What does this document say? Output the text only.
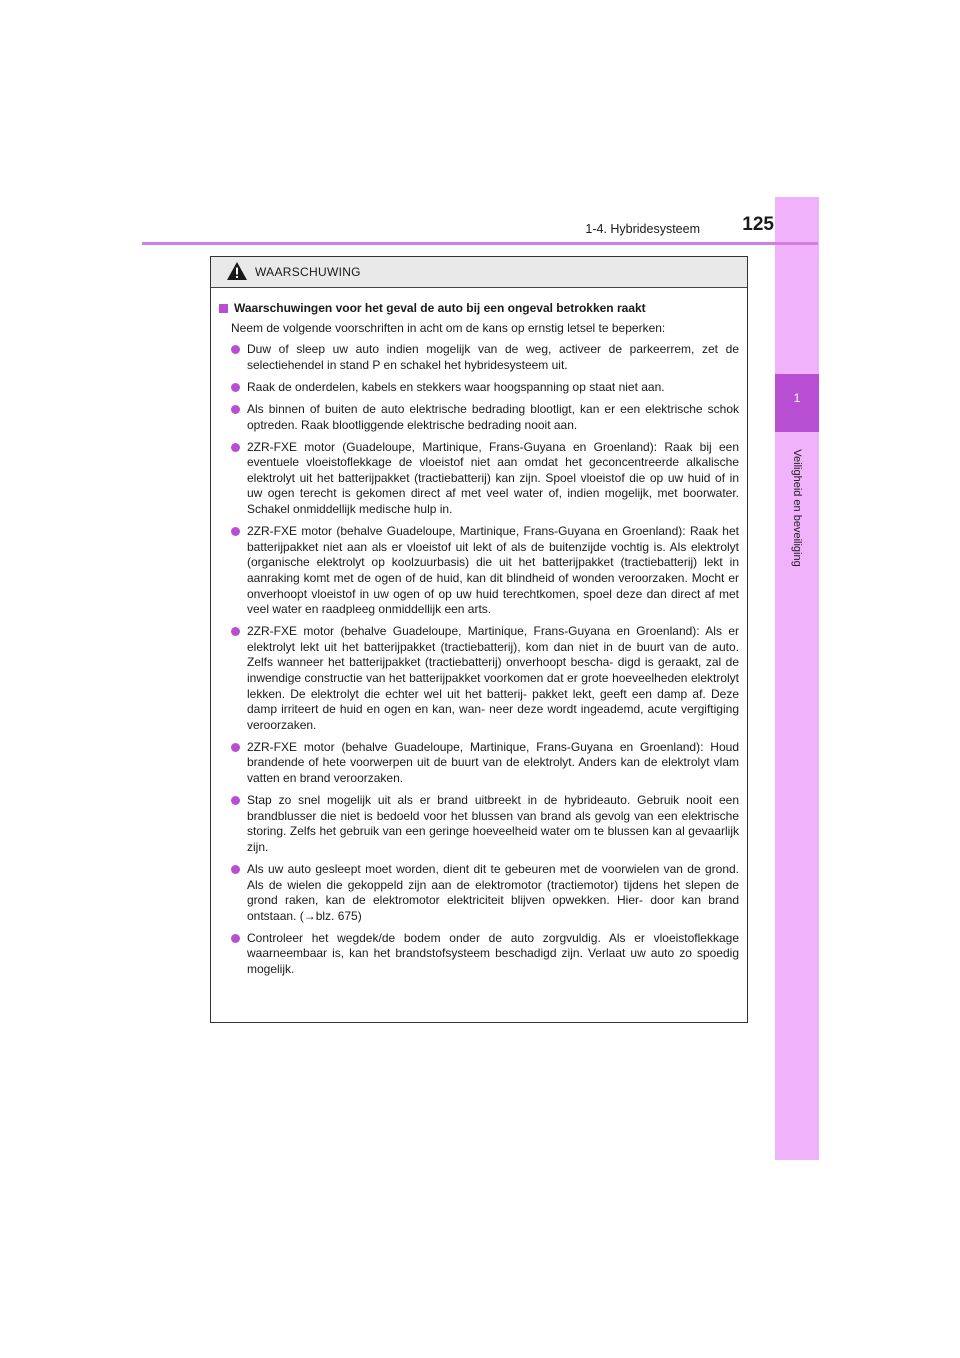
1
Veiligheid en beveiliging
1-4. Hybridesysteem	125
WAARSCHUWING
Waarschuwingen voor het geval de auto bij een ongeval betrokken raakt
Neem de volgende voorschriften in acht om de kans op ernstig letsel te beperken:
Duw of sleep uw auto indien mogelijk van de weg, activeer de parkeerrem, zet de selectiehendel in stand P en schakel het hybridesysteem uit.
Raak de onderdelen, kabels en stekkers waar hoogspanning op staat niet aan.
Als binnen of buiten de auto elektrische bedrading blootligt, kan er een elektrische schok optreden. Raak blootliggende elektrische bedrading nooit aan.
2ZR-FXE motor (Guadeloupe, Martinique, Frans-Guyana en Groenland): Raak bij een eventuele vloeistoflekkage de vloeistof niet aan omdat het geconcentreerde alkalische elektrolyt uit het batterijpakket (tractiebatterij) kan zijn. Spoel vloeistof die op uw huid of in uw ogen terecht is gekomen direct af met veel water of, indien mogelijk, met boorwater. Schakel onmiddellijk medische hulp in.
2ZR-FXE motor (behalve Guadeloupe, Martinique, Frans-Guyana en Groenland): Raak het batterijpakket niet aan als er vloeistof uit lekt of als de buitenzijde vochtig is. Als elektrolyt (organische elektrolyt op koolzuurbasis) die uit het batterijpakket (tractiebatterij) lekt in aanraking komt met de ogen of de huid, kan dit blindheid of wonden veroorzaken. Mocht er onverhoopt vloeistof in uw ogen of op uw huid terechtkomen, spoel deze dan direct af met veel water en raadpleeg onmiddellijk een arts.
2ZR-FXE motor (behalve Guadeloupe, Martinique, Frans-Guyana en Groenland): Als er elektrolyt lekt uit het batterijpakket (tractiebatterij), kom dan niet in de buurt van de auto. Zelfs wanneer het batterijpakket (tractiebatterij) onverhoopt bescha- digd is geraakt, zal de inwendige constructie van het batterijpakket voorkomen dat er grote hoeveelheden elektrolyt lekken. De elektrolyt die echter wel uit het batterij- pakket lekt, geeft een damp af. Deze damp irriteert de huid en ogen en kan, wan- neer deze wordt ingeademd, acute vergiftiging veroorzaken.
2ZR-FXE motor (behalve Guadeloupe, Martinique, Frans-Guyana en Groenland): Houd brandende of hete voorwerpen uit de buurt van de elektrolyt. Anders kan de elektrolyt vlam vatten en brand veroorzaken.
Stap zo snel mogelijk uit als er brand uitbreekt in de hybrideauto. Gebruik nooit een brandblusser die niet is bedoeld voor het blussen van brand als gevolg van een elektrische storing. Zelfs het gebruik van een geringe hoeveelheid water om te blussen kan al gevaarlijk zijn.
Als uw auto gesleept moet worden, dient dit te gebeuren met de voorwielen van de grond. Als de wielen die gekoppeld zijn aan de elektromotor (tractiemotor) tijdens het slepen de grond raken, kan de elektromotor elektriciteit blijven opwekken. Hier- door kan brand ontstaan. (→blz. 675)
Controleer het wegdek/de bodem onder de auto zorgvuldig. Als er vloeistoflekkage waarneembaar is, kan het brandstofsysteem beschadigd zijn. Verlaat uw auto zo spoedig mogelijk.
